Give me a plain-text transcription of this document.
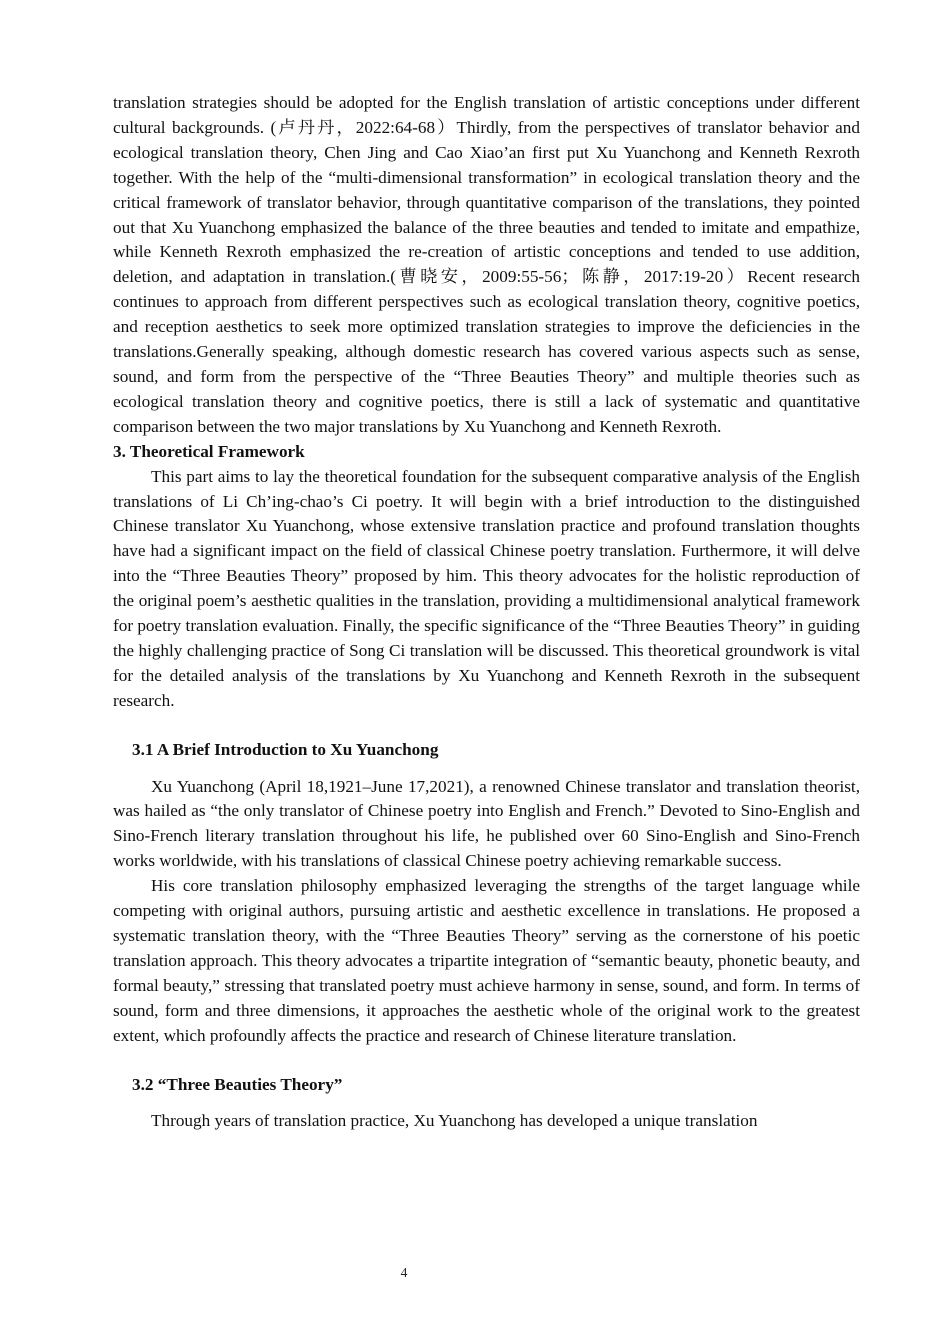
translation strategies should be adopted for the English translation of artistic conceptions under different cultural backgrounds. (卢丹丹，2022:64-68）Thirdly, from the perspectives of translator behavior and ecological translation theory, Chen Jing and Cao Xiao’an first put Xu Yuanchong and Kenneth Rexroth together. With the help of the “multi-dimensional transformation” in ecological translation theory and the critical framework of translator behavior, through quantitative comparison of the translations, they pointed out that Xu Yuanchong emphasized the balance of the three beauties and tended to imitate and empathize, while Kenneth Rexroth emphasized the re-creation of artistic conceptions and tended to use addition, deletion, and adaptation in translation.(曹晓安，2009:55-56；陈静，2017:19-20）Recent research continues to approach from different perspectives such as ecological translation theory, cognitive poetics, and reception aesthetics to seek more optimized translation strategies to improve the deficiencies in the translations.Generally speaking, although domestic research has covered various aspects such as sense, sound, and form from the perspective of the “Three Beauties Theory” and multiple theories such as ecological translation theory and cognitive poetics, there is still a lack of systematic and quantitative comparison between the two major translations by Xu Yuanchong and Kenneth Rexroth.

3. Theoretical Framework

This part aims to lay the theoretical foundation for the subsequent comparative analysis of the English translations of Li Ch’ing-chao’s Ci poetry. It will begin with a brief introduction to the distinguished Chinese translator Xu Yuanchong, whose extensive translation practice and profound translation thoughts have had a significant impact on the field of classical Chinese poetry translation. Furthermore, it will delve into the “Three Beauties Theory” proposed by him. This theory advocates for the holistic reproduction of the original poem’s aesthetic qualities in the translation, providing a multidimensional analytical framework for poetry translation evaluation. Finally, the specific significance of the “Three Beauties Theory” in guiding the highly challenging practice of Song Ci translation will be discussed. This theoretical groundwork is vital for the detailed analysis of the translations by Xu Yuanchong and Kenneth Rexroth in the subsequent research.

3.1 A Brief Introduction to Xu Yuanchong

Xu Yuanchong (April 18,1921–June 17,2021), a renowned Chinese translator and translation theorist, was hailed as “the only translator of Chinese poetry into English and French.” Devoted to Sino-English and Sino-French literary translation throughout his life, he published over 60 Sino-English and Sino-French works worldwide, with his translations of classical Chinese poetry achieving remarkable success.

His core translation philosophy emphasized leveraging the strengths of the target language while competing with original authors, pursuing artistic and aesthetic excellence in translations. He proposed a systematic translation theory, with the “Three Beauties Theory” serving as the cornerstone of his poetic translation approach. This theory advocates a tripartite integration of “semantic beauty, phonetic beauty, and formal beauty,” stressing that translated poetry must achieve harmony in sense, sound, and form. In terms of sound, form and three dimensions, it approaches the aesthetic whole of the original work to the greatest extent, which profoundly affects the practice and research of Chinese literature translation.

3.2 “Three Beauties Theory”

Through years of translation practice, Xu Yuanchong has developed a unique translation

4
